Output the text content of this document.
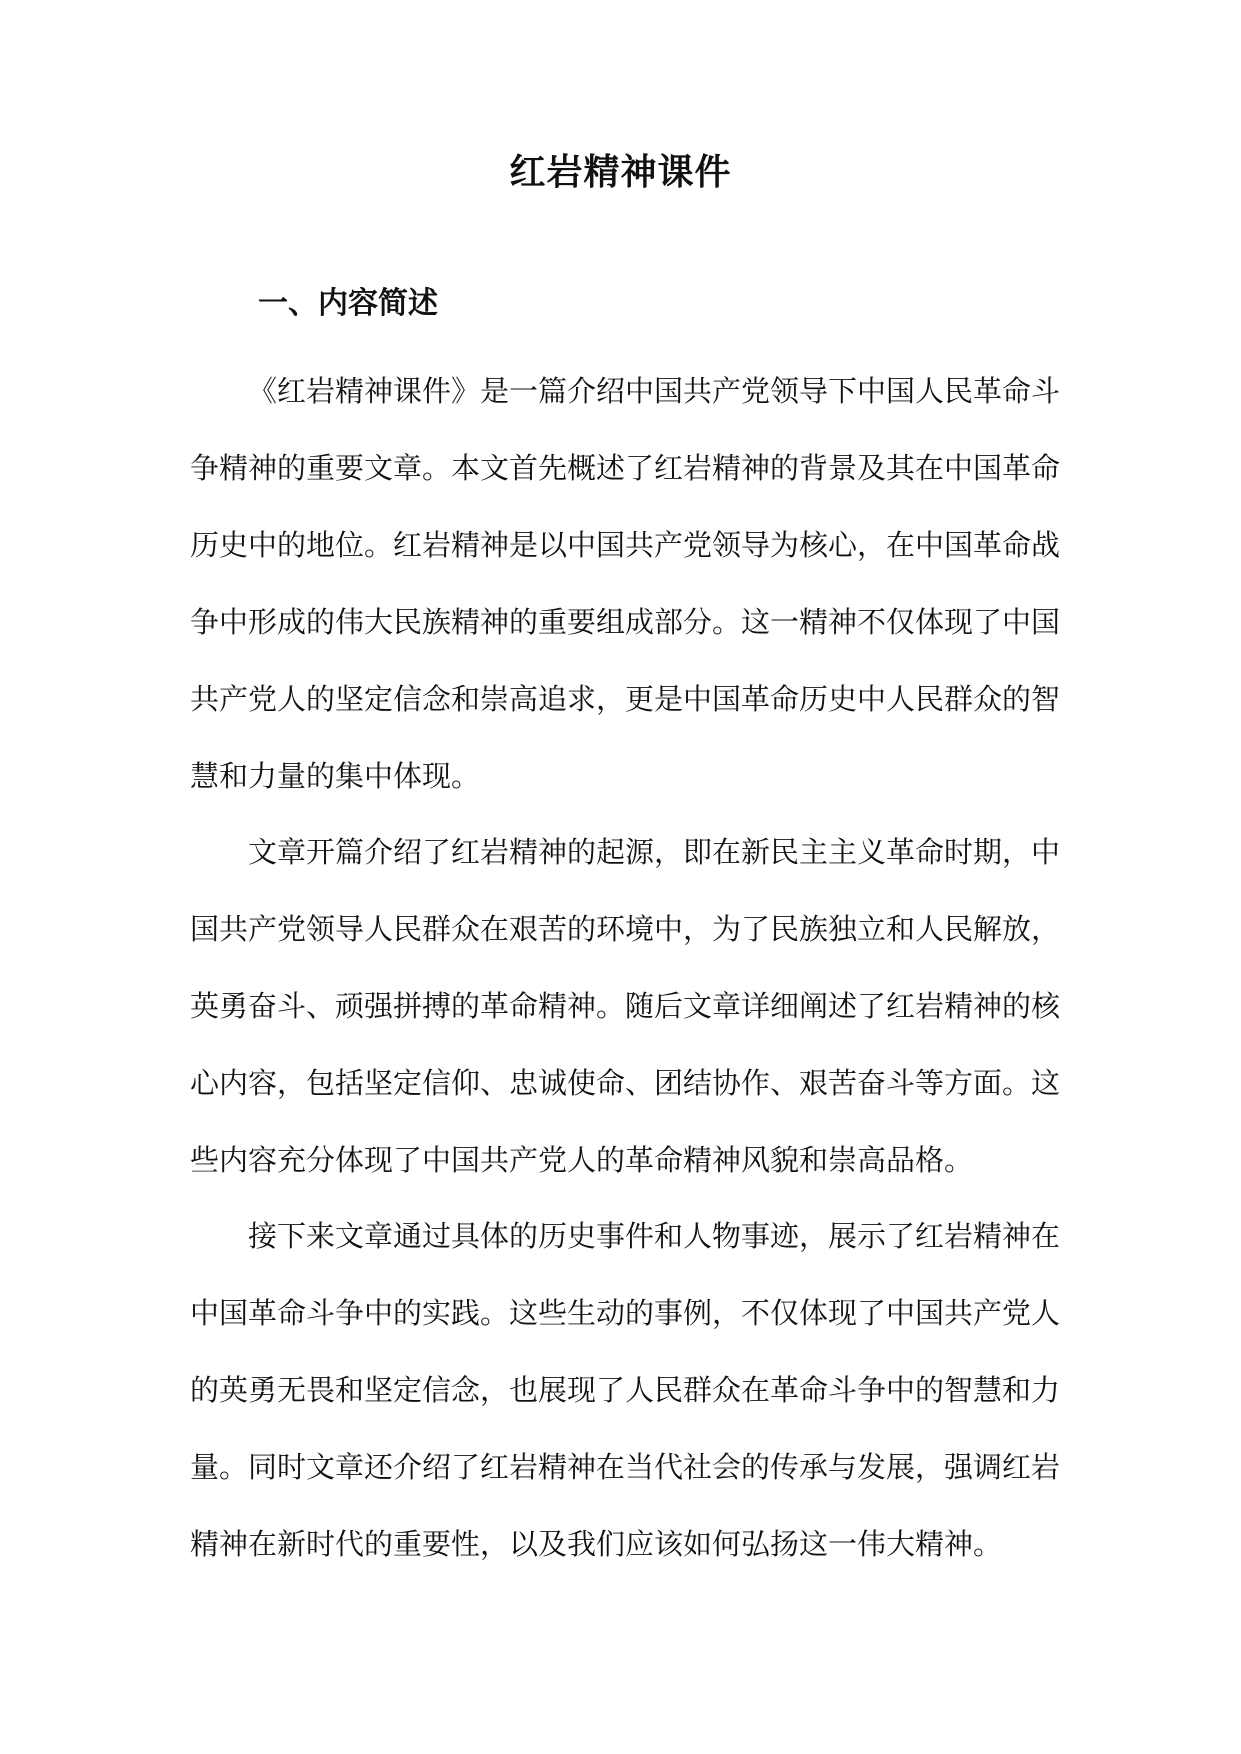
红岩精神课件
一、内容简述
《红岩精神课件》是一篇介绍中国共产党领导下中国人民革命斗
争精神的重要文章。本文首先概述了红岩精神的背景及其在中国革命
历史中的地位。红岩精神是以中国共产党领导为核心，在中国革命战
争中形成的伟大民族精神的重要组成部分。这一精神不仅体现了中国
共产党人的坚定信念和崇高追求，更是中国革命历史中人民群众的智
慧和力量的集中体现。
文章开篇介绍了红岩精神的起源，即在新民主主义革命时期，中
国共产党领导人民群众在艰苦的环境中，为了民族独立和人民解放，
英勇奋斗、顽强拼搏的革命精神。随后文章详细阐述了红岩精神的核
心内容，包括坚定信仰、忠诚使命、团结协作、艰苦奋斗等方面。这
些内容充分体现了中国共产党人的革命精神风貌和崇高品格。
接下来文章通过具体的历史事件和人物事迹，展示了红岩精神在
中国革命斗争中的实践。这些生动的事例，不仅体现了中国共产党人
的英勇无畏和坚定信念，也展现了人民群众在革命斗争中的智慧和力
量。同时文章还介绍了红岩精神在当代社会的传承与发展，强调红岩
精神在新时代的重要性，以及我们应该如何弘扬这一伟大精神。
